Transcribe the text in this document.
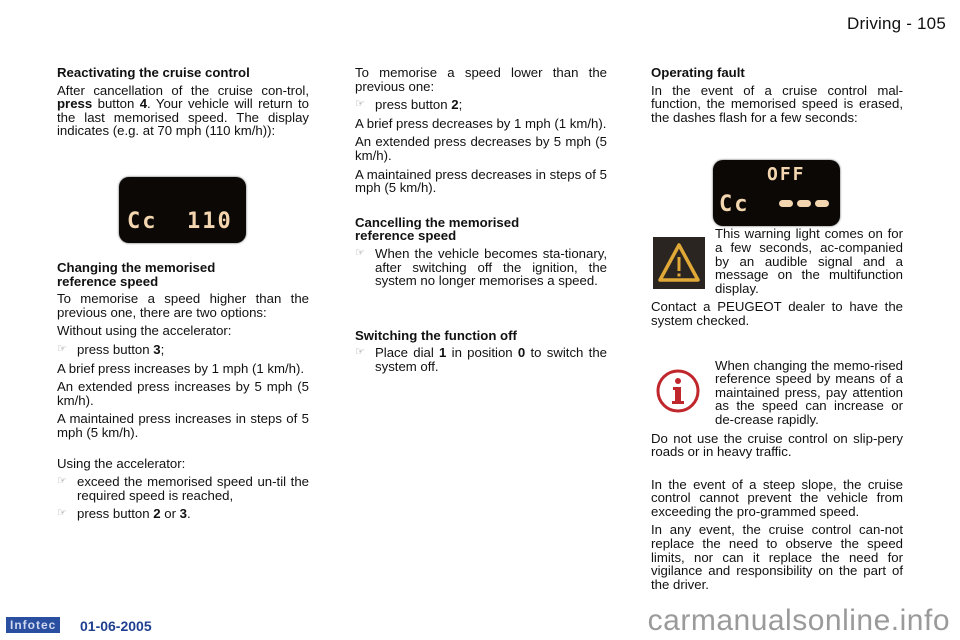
Driving - 105
Reactivating the cruise control

After cancellation of the cruise con-trol, press button 4. Your vehicle will return to the last memorised speed. The display indicates (e.g. at 70 mph (110 km/h)):

Changing the memorised
reference speed

To memorise a speed higher than the previous one, there are two options:

Without using the accelerator:

☞ press button 3;

A brief press increases by 1 mph (1 km/h).

An extended press increases by 5 mph (5 km/h).

A maintained press increases in steps of 5 mph (5 km/h).

Using the accelerator:

☞ exceed the memorised speed un-til the required speed is reached,
☞ press button 2 or 3.
Cc 110

To memorise a speed lower than the previous one:

☞ press button 2;

A brief press decreases by 1 mph (1 km/h).

An extended press decreases by 5 mph (5 km/h).

A maintained press decreases in steps of 5 mph (5 km/h).

Cancelling the memorised
reference speed
☞ When the vehicle becomes sta-tionary, after switching off the ignition, the system no longer memorises a speed.
Switching the function off
☞ Place dial 1 in position 0 to switch the system off.
Operating fault

In the event of a cruise control mal-function, the memorised speed is erased, the dashes flash for a few seconds:

This warning light comes on for a few seconds, ac-companied by an audible signal and a message on the multifunction display.

Contact a PEUGEOT dealer to have the system checked.

When changing the memo-rised reference speed by means of a maintained press, pay attention as the speed can increase or de-crease rapidly.

Do not use the cruise control on slip-pery roads or in heavy traffic.

In the event of a steep slope, the cruise control cannot prevent the vehicle from exceeding the pro-grammed speed.

In any event, the cruise control can-not replace the need to observe the speed limits, nor can it replace the need for vigilance and responsibility on the part of the driver.

OFF
Cc
Infotec 01-06-2005	carmanualsonline.info
